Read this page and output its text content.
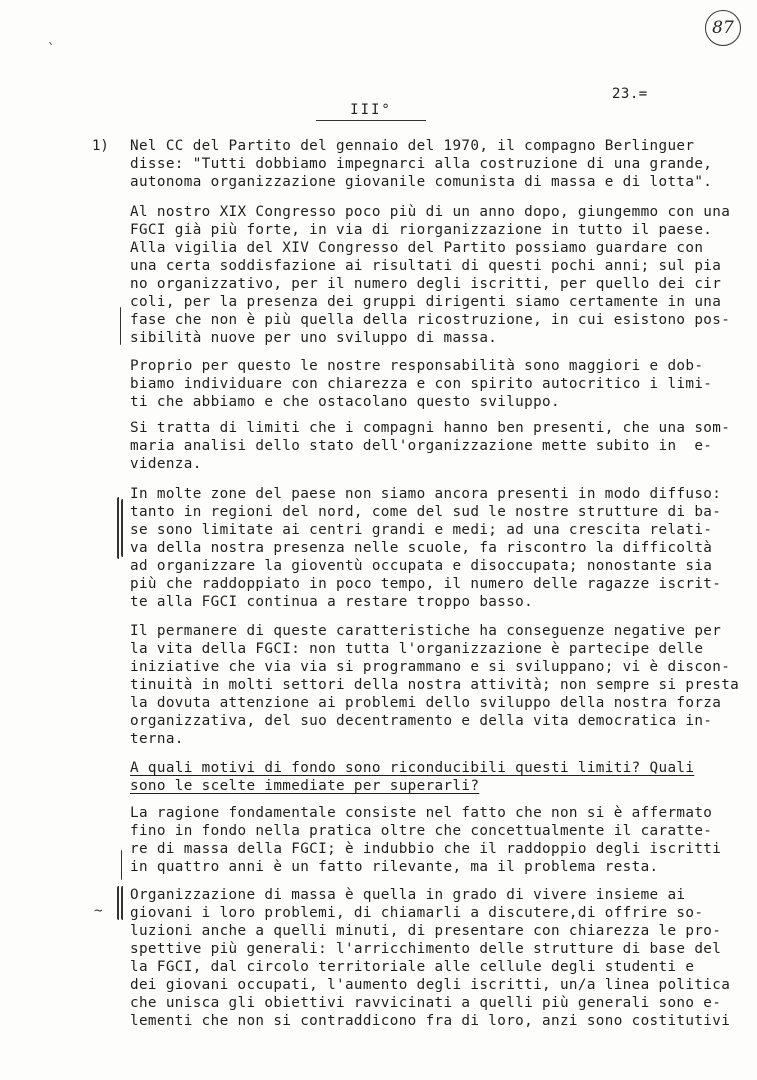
87
23.=
III°
1) Nel CC del Partito del gennaio del 1970, il compagno Berlinguer
disse: "Tutti dobbiamo impegnarci alla costruzione di una grande,
autonoma organizzazione giovanile comunista di massa e di lotta".

Al nostro XIX Congresso poco più di un anno dopo, giungemmo con una
FGCI già più forte, in via di riorganizzazione in tutto il paese.
Alla vigilia del XIV Congresso del Partito possiamo guardare con
una certa soddisfazione ai risultati di questi pochi anni; sul pia
no organizzativo, per il numero degli iscritti, per quello dei cir
coli, per la presenza dei gruppi dirigenti siamo certamente in una
fase che non è più quella della ricostruzione, in cui esistono pos-
sibilità nuove per uno sviluppo di massa.

Proprio per questo le nostre responsabilità sono maggiori e dob-
biamo individuare con chiarezza e con spirito autocritico i limi-
ti che abbiamo e che ostacolano questo sviluppo.

Si tratta di limiti che i compagni hanno ben presenti, che una som-
maria analisi dello stato dell'organizzazione mette subito in  e-
videnza.

In molte zone del paese non siamo ancora presenti in modo diffuso:
tanto in regioni del nord, come del sud le nostre strutture di ba-
se sono limitate ai centri grandi e medi; ad una crescita relati-
va della nostra presenza nelle scuole, fa riscontro la difficoltà
ad organizzare la gioventù occupata e disoccupata; nonostante sia
più che raddoppiato in poco tempo, il numero delle ragazze iscrit-
te alla FGCI continua a restare troppo basso.

Il permanere di queste caratteristiche ha conseguenze negative per
la vita della FGCI: non tutta l'organizzazione è partecipe delle
iniziative che via via si programmano e si sviluppano; vi è discon-
tinuità in molti settori della nostra attività; non sempre si presta
la dovuta attenzione ai problemi dello sviluppo della nostra forza
organizzativa, del suo decentramento e della vita democratica in-
terna.

A quali motivi di fondo sono riconducibili questi limiti? Quali
sono le scelte immediate per superarli?

La ragione fondamentale consiste nel fatto che non si è affermato
fino in fondo nella pratica oltre che concettualmente il caratte-
re di massa della FGCI; è indubbio che il raddoppio degli iscritti
in quattro anni è un fatto rilevante, ma il problema resta.

Organizzazione di massa è quella in grado di vivere insieme ai
giovani i loro problemi, di chiamarli a discutere,di offrire so-
luzioni anche a quelli minuti, di presentare con chiarezza le pro-
spettive più generali: l'arricchimento delle strutture di base del
la FGCI, dal circolo territoriale alle cellule degli studenti e
dei giovani occupati, l'aumento degli iscritti, un/a linea politica
che unisca gli obiettivi ravvicinati a quelli più generali sono e-
lementi che non si contraddicono fra di loro, anzi sono costitutivi

~
`
